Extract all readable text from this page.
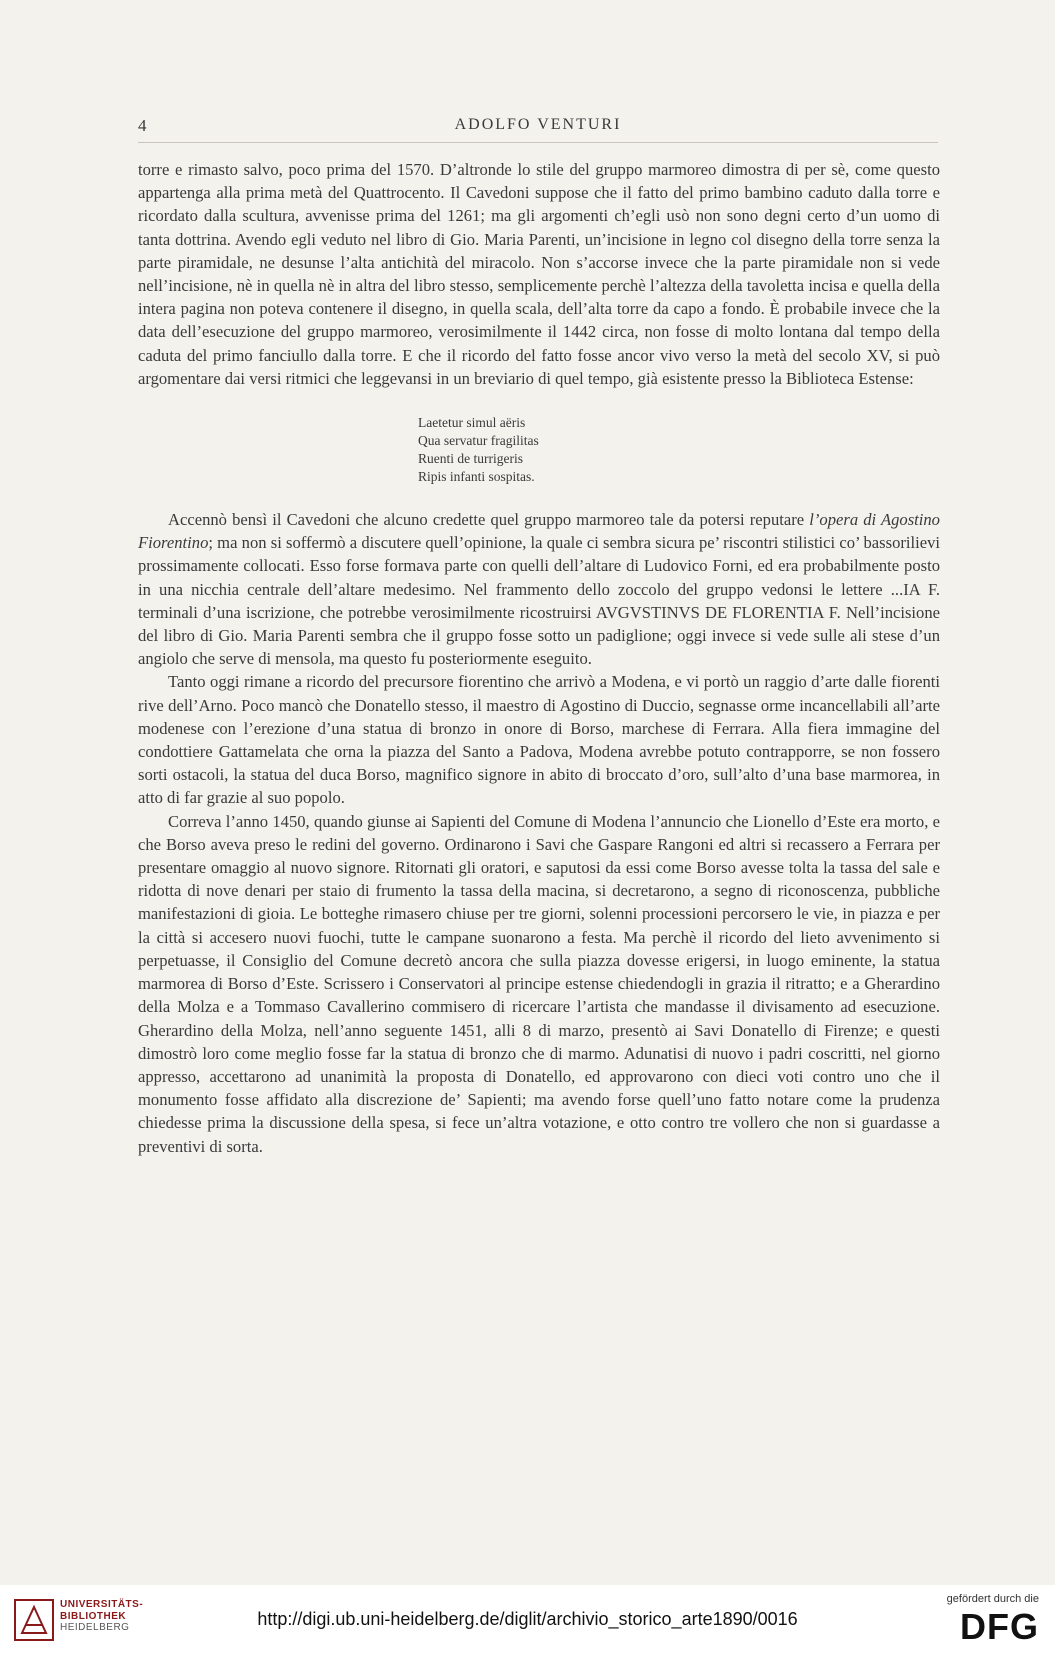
4	ADOLFO VENTURI

torre e rimasto salvo, poco prima del 1570. D’altronde lo stile del gruppo marmoreo dimostra di per sè, come questo appartenga alla prima metà del Quattrocento. Il Cavedoni suppose che il fatto del primo bambino caduto dalla torre e ricordato dalla scultura, avvenisse prima del 1261; ma gli argomenti ch’egli usò non sono degni certo d’un uomo di tanta dottrina. Avendo egli veduto nel libro di Gio. Maria Parenti, un’incisione in legno col disegno della torre senza la parte piramidale, ne desunse l’alta antichità del miracolo. Non s’accorse invece che la parte piramidale non si vede nell’incisione, nè in quella nè in altra del libro stesso, semplicemente perchè l’altezza della tavoletta incisa e quella della intera pagina non poteva contenere il disegno, in quella scala, dell’alta torre da capo a fondo. È probabile invece che la data dell’esecuzione del gruppo marmoreo, verosimilmente il 1442 circa, non fosse di molto lontana dal tempo della caduta del primo fanciullo dalla torre. E che il ricordo del fatto fosse ancor vivo verso la metà del secolo XV, si può argomentare dai versi ritmici che leggevansi in un breviario di quel tempo, già esistente presso la Biblioteca Estense:

Laetetur simul aëris
Qua servatur fragilitas
Ruenti de turrigeris
Ripis infanti sospitas.

Accennò bensì il Cavedoni che alcuno credette quel gruppo marmoreo tale da potersi reputare l’opera di Agostino Fiorentino; ma non si soffermò a discutere quell’opinione, la quale ci sembra sicura pe’ riscontri stilistici co’ bassorilievi prossimamente collocati. Esso forse formava parte con quelli dell’altare di Ludovico Forni, ed era probabilmente posto in una nicchia centrale dell’altare medesimo. Nel frammento dello zoccolo del gruppo vedonsi le lettere ...IA F. terminali d’una iscrizione, che potrebbe verosimilmente ricostruirsi AVGVSTINVS DE FLORENTIA F. Nell’incisione del libro di Gio. Maria Parenti sembra che il gruppo fosse sotto un padiglione; oggi invece si vede sulle ali stese d’un angiolo che serve di mensola, ma questo fu posteriormente eseguito.

Tanto oggi rimane a ricordo del precursore fiorentino che arrivò a Modena, e vi portò un raggio d’arte dalle fiorenti rive dell’Arno. Poco mancò che Donatello stesso, il maestro di Agostino di Duccio, segnasse orme incancellabili all’arte modenese con l’erezione d’una statua di bronzo in onore di Borso, marchese di Ferrara. Alla fiera immagine del condottiere Gattamelata che orna la piazza del Santo a Padova, Modena avrebbe potuto contrapporre, se non fossero sorti ostacoli, la statua del duca Borso, magnifico signore in abito di broccato d’oro, sull’alto d’una base marmorea, in atto di far grazie al suo popolo.

Correva l’anno 1450, quando giunse ai Sapienti del Comune di Modena l’annuncio che Lionello d’Este era morto, e che Borso aveva preso le redini del governo. Ordinarono i Savi che Gaspare Rangoni ed altri si recassero a Ferrara per presentare omaggio al nuovo signore. Ritornati gli oratori, e saputosi da essi come Borso avesse tolta la tassa del sale e ridotta di nove denari per staio di frumento la tassa della macina, si decretarono, a segno di riconoscenza, pubbliche manifestazioni di gioia. Le botteghe rimasero chiuse per tre giorni, solenni processioni percorsero le vie, in piazza e per la città si accesero nuovi fuochi, tutte le campane suonarono a festa. Ma perchè il ricordo del lieto avvenimento si perpetuasse, il Consiglio del Comune decretò ancora che sulla piazza dovesse erigersi, in luogo eminente, la statua marmorea di Borso d’Este. Scrissero i Conservatori al principe estense chiedendogli in grazia il ritratto; e a Gherardino della Molza e a Tommaso Cavallerino commisero di ricercare l’artista che mandasse il divisamento ad esecuzione. Gherardino della Molza, nell’anno seguente 1451, alli 8 di marzo, presentò ai Savi Donatello di Firenze; e questi dimostrò loro come meglio fosse far la statua di bronzo che di marmo. Adunatisi di nuovo i padri coscritti, nel giorno appresso, accettarono ad unanimità la proposta di Donatello, ed approvarono con dieci voti contro uno che il monumento fosse affidato alla discrezione de’ Sapienti; ma avendo forse quell’uno fatto notare come la prudenza chiedesse prima la discussione della spesa, si fece un’altra votazione, e otto contro tre vollero che non si guardasse a preventivi di sorta.

UNIVERSITÄTS-
BIBLIOTHEK
HEIDELBERG	http://digi.ub.uni-heidelberg.de/diglit/archivio_storico_arte1890/0016
gefördert durch die
DFG
